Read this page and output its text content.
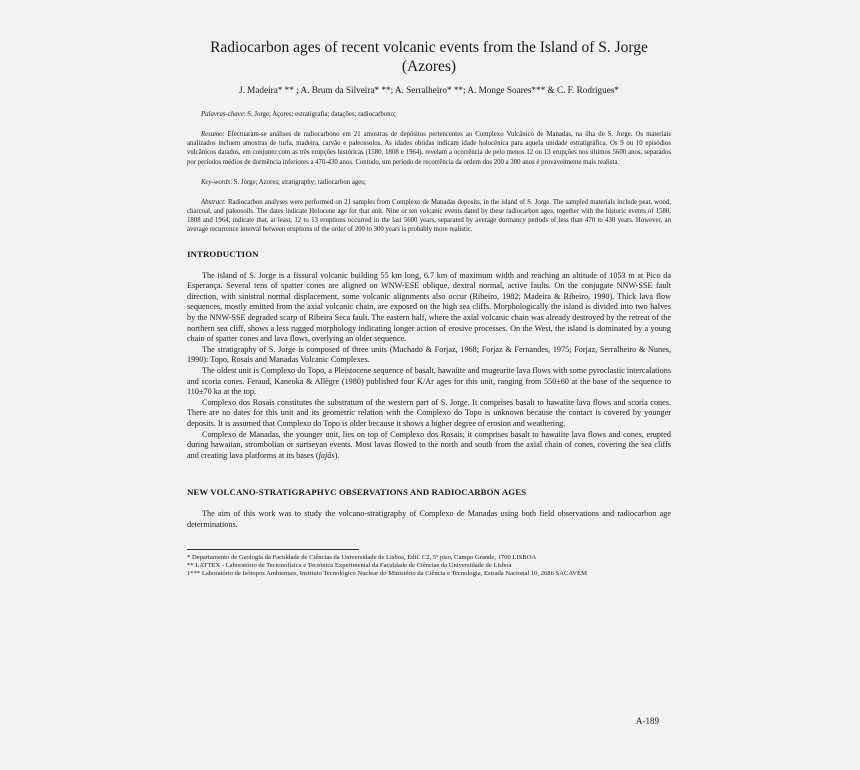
Radiocarbon ages of recent volcanic events from the Island of S. Jorge (Azores)
J. Madeira* ** ; A. Brum da Silveira* **; A. Serralheiro* **; A. Monge Soares*** & C. F. Rodrigues*

Palavras-chave: S. Jorge; Açores; estratigrafia; datações; radiocarbono;

Resumo: Efectuaram-se análises de radiocarbono em 21 amostras de depósitos pertencentes ao Complexo Vulcânico de Manadas, na ilha de S. Jorge. Os materiais analizados incluem amostras de turfa, madeira, carvão e paleossolos. As idades obtidas indicam idade holocénica para aquela unidade estratigráfica. Os 9 ou 10 episódios vulcânicos datados, em conjunto com as três erupções históricas (1580, 1808 e 1964), revelam a ocorrência de pelo menos 12 ou 13 erupções nos últimos 5600 anos, separados por períodos médios de dormência inferiores a 470-430 anos. Contudo, um período de recorrência da ordem dos 200 a 300 anos é provavelmente mais realista.

Key-words: S. Jorge; Azores; stratigraphy; radiocarbon ages;

Abstract: Radiocarbon analyses were performed on 21 samples from Complexo de Manadas deposits, in the island of S. Jorge. The sampled materials include peat, wood, charcoal, and paleosoils. The dates indicate Holocene age for that unit. Nine or ten volcanic events dated by these radiocarbon ages, together with the historic events of 1580, 1808 and 1964, indicate that, at least, 12 to 13 eruptions occurred in the last 5600 years, separated by average dormancy periods of less than 470 to 430 years. However, an average recurrence interval between eruptions of the order of 200 to 300 years is probably more realistic.

INTRODUCTION

The island of S. Jorge is a fissural volcanic building 55 km long, 6.7 km of maximum width and reaching an altitude of 1053 m at Pico da Esperança. Several tens of spatter cones are aligned on WNW-ESE oblique, dextral normal, active faults. On the conjugate NNW-SSE fault direction, with sinistral normal displacement, some volcanic alignments also occur (Ribeiro, 1982; Madeira & Ribeiro, 1990). Thick lava flow sequences, mostly emitted from the axial volcanic chain, are exposed on the high sea cliffs. Morphologically the island is divided into two halves by the NNW-SSE degraded scarp of Ribeira Seca fault. The eastern half, where the axial volcanic chain was already destroyed by the retreat of the northern sea cliff, shows a less rugged morphology indicating longer action of erosive processes. On the West, the island is dominated by a young chain of spatter cones and lava flows, overlying an older sequence.

The stratigraphy of S. Jorge is composed of three units (Machado & Forjaz, 1968; Forjaz & Fernandes, 1975; Forjaz, Serralheiro & Nunes, 1990): Topo, Rosais and Manadas Volcanic Complexes.

The oldest unit is Complexo do Topo, a Pleistocene sequence of basalt, hawaiite and mugearite lava flows with some pyroclastic intercalations and scoria cones. Feraud, Kaneoka & Allègre (1980) published four K/Ar ages for this unit, ranging from 550±60 at the base of the sequence to 110±70 ka at the top.

Complexo dos Rosais constitutes the substratum of the western part of S. Jorge. It comprises basalt to hawaiite lava flows and scoria cones. There are no dates for this unit and its geometric relation with the Complexo do Topo is unknown because the contact is covered by younger deposits. It is assumed that Complexo do Topo is older because it shows a higher degree of erosion and weathering.

Complexo de Manadas, the younger unit, lies on top of Complexo dos Rosais; it comprises basalt to hawaiite lava flows and cones, erupted during hawaiian, strombolian or surtseyan events. Most lavas flowed to the north and south from the axial chain of cones, covering the sea cliffs and creating lava platforms at its bases (fajãs).

NEW VOLCANO-STRATIGRAPHYC OBSERVATIONS AND RADIOCARBON AGES

The aim of this work was to study the volcano-stratigraphy of Complexo de Manadas using both field observations and radiocarbon age determinations.

* Departamento de Geologia da Faculdade de Ciências da Universidade de Lisboa, Edif. C2, 5º piso, Campo Grande, 1700 LISBOA

** LATTEX - Laboratório de Tectonofísica e Tectónica Experimental da Faculdade de Ciências da Universidade de Lisboa

1*** Laboratório de Isótopos Ambientais, Instituto Tecnológico Nuclear do Ministério da Ciência e Tecnologia, Estrada Nacional 10, 2686 SACAVÉM

A-189
